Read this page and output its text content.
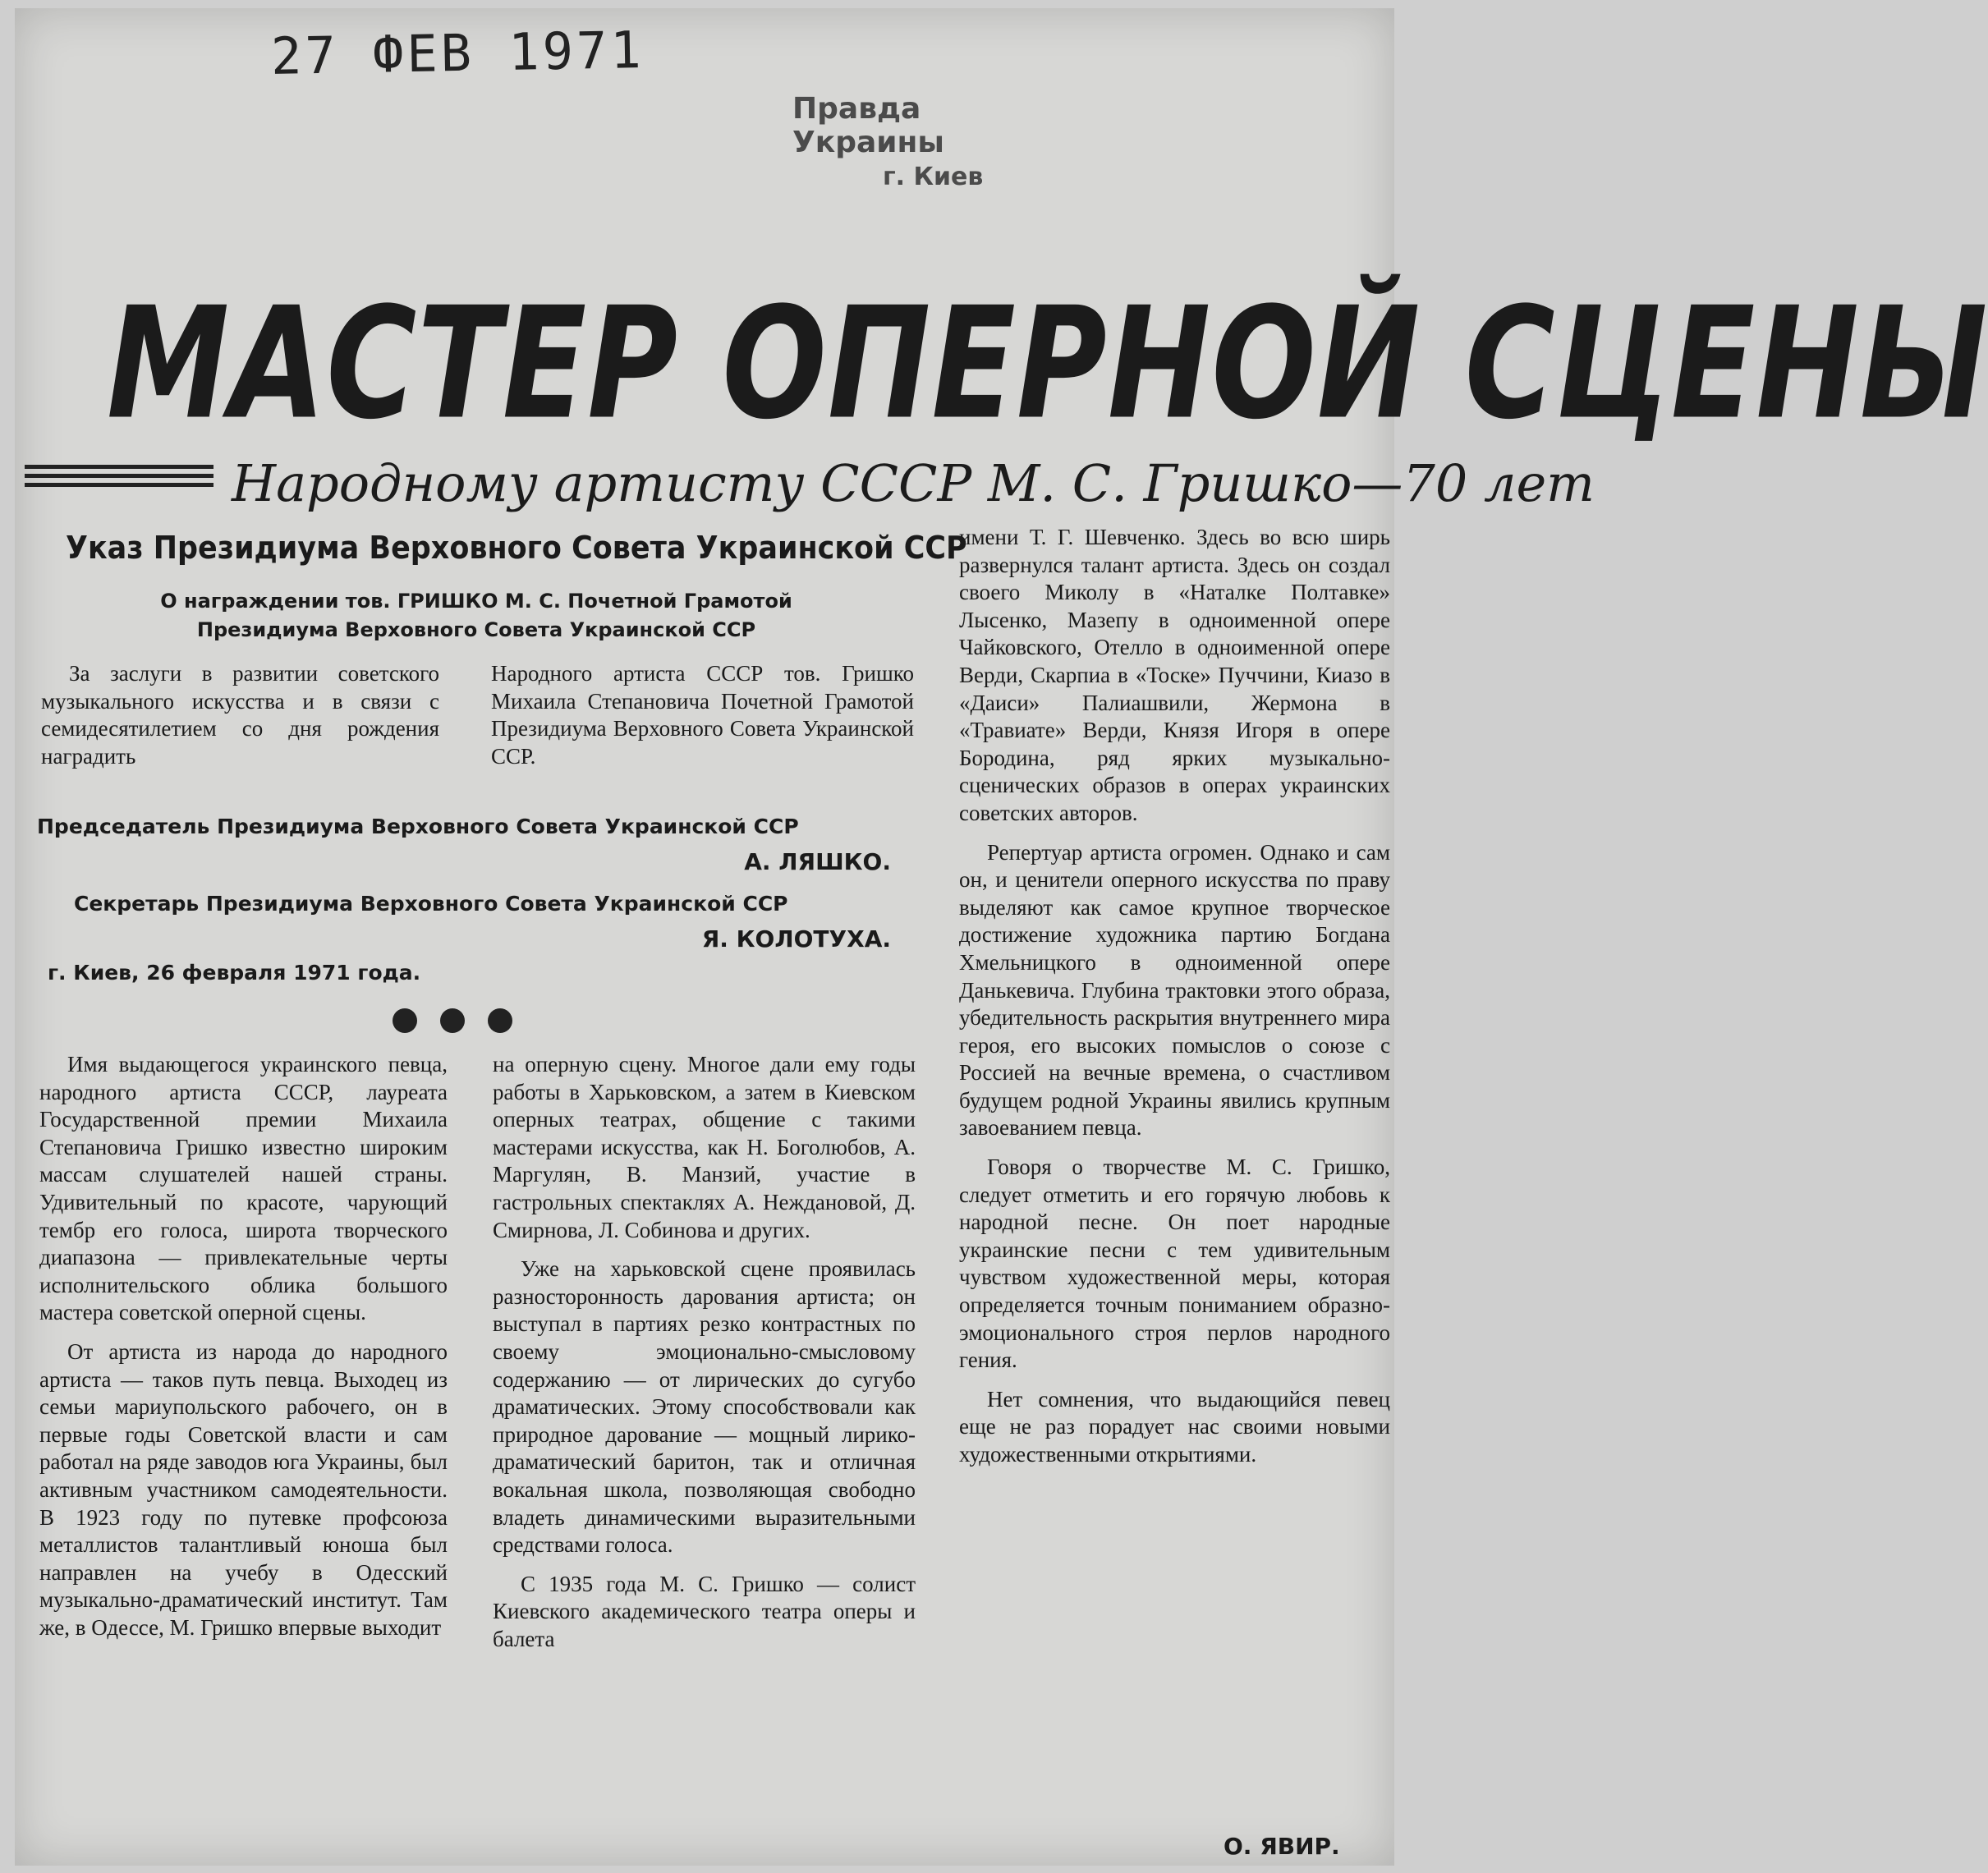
27 ФЕВ 1971
Правда Украины
г. Киев
МАСТЕР ОПЕРНОЙ СЦЕНЫ
Народному артисту СССР М. С. Гришко—70 лет
Указ Президиума Верховного Совета Украинской ССР
О награждении тов. ГРИШКО М. С. Почетной Грамотой
Президиума Верховного Совета Украинской ССР

За заслуги в развитии советского музыкального искусства и в связи с семидесятилетием со дня рождения наградить

Народного артиста СССР тов. Гришко Михаила Степановича Почетной Грамотой Президиума Верховного Совета Украинской ССР.

Председатель Президиума Верховного Совета Украинской ССР
А. ЛЯШКО.
Секретарь Президиума Верховного Совета Украинской ССР
Я. КОЛОТУХА.
г. Киев, 26 февраля 1971 года.

Имя выдающегося украинского певца, народного артиста СССР, лауреата Государственной премии Михаила Степановича Гришко известно широким массам слушателей нашей страны. Удивительный по красоте, чарующий тембр его голоса, широта творческого диапазона — привлекательные черты исполнительского облика большого мастера советской оперной сцены.

От артиста из народа до народного артиста — таков путь певца. Выходец из семьи мариупольского рабочего, он в первые годы Советской власти и сам работал на ряде заводов юга Украины, был активным участником самодеятельности. В 1923 году по путевке профсоюза металлистов талантливый юноша был направлен на учебу в Одесский музыкально-драматический институт. Там же, в Одессе, М. Гришко впервые выходит

на оперную сцену. Многое дали ему годы работы в Харьковском, а затем в Киевском оперных театрах, общение с такими мастерами искусства, как Н. Боголюбов, А. Маргулян, В. Манзий, участие в гастрольных спектаклях А. Неждановой, Д. Смирнова, Л. Собинова и других.

Уже на харьковской сцене проявилась разносторонность дарования артиста; он выступал в партиях резко контрастных по своему эмоционально-смысловому содержанию — от лирических до сугубо драматических. Этому способствовали как природное дарование — мощный лирико-драматический баритон, так и отличная вокальная школа, позволяющая свободно владеть динамическими выразительными средствами голоса.

С 1935 года М. С. Гришко — солист Киевского академического театра оперы и балета

имени Т. Г. Шевченко. Здесь во всю ширь развернулся талант артиста. Здесь он создал своего Миколу в «Наталке Полтавке» Лысенко, Мазепу в одноименной опере Чайковского, Отелло в одноименной опере Верди, Скарпиа в «Тоске» Пуччини, Киазо в «Даиси» Палиашвили, Жермона в «Травиате» Верди, Князя Игоря в опере Бородина, ряд ярких музыкально-сценических образов в операх украинских советских авторов.

Репертуар артиста огромен. Однако и сам он, и ценители оперного искусства по праву выделяют как самое крупное творческое достижение художника партию Богдана Хмельницкого в одноименной опере Данькевича. Глубина трактовки этого образа, убедительность раскрытия внутреннего мира героя, его высоких помыслов о союзе с Россией на вечные времена, о счастливом будущем родной Украины явились крупным завоеванием певца.

Говоря о творчестве М. С. Гришко, следует отметить и его горячую любовь к народной песне. Он поет народные украинские песни с тем удивительным чувством художественной меры, которая определяется точным пониманием образно-эмоционального строя перлов народного гения.

Нет сомнения, что выдающийся певец еще не раз порадует нас своими новыми художественными открытиями.

О. ЯВИР.
